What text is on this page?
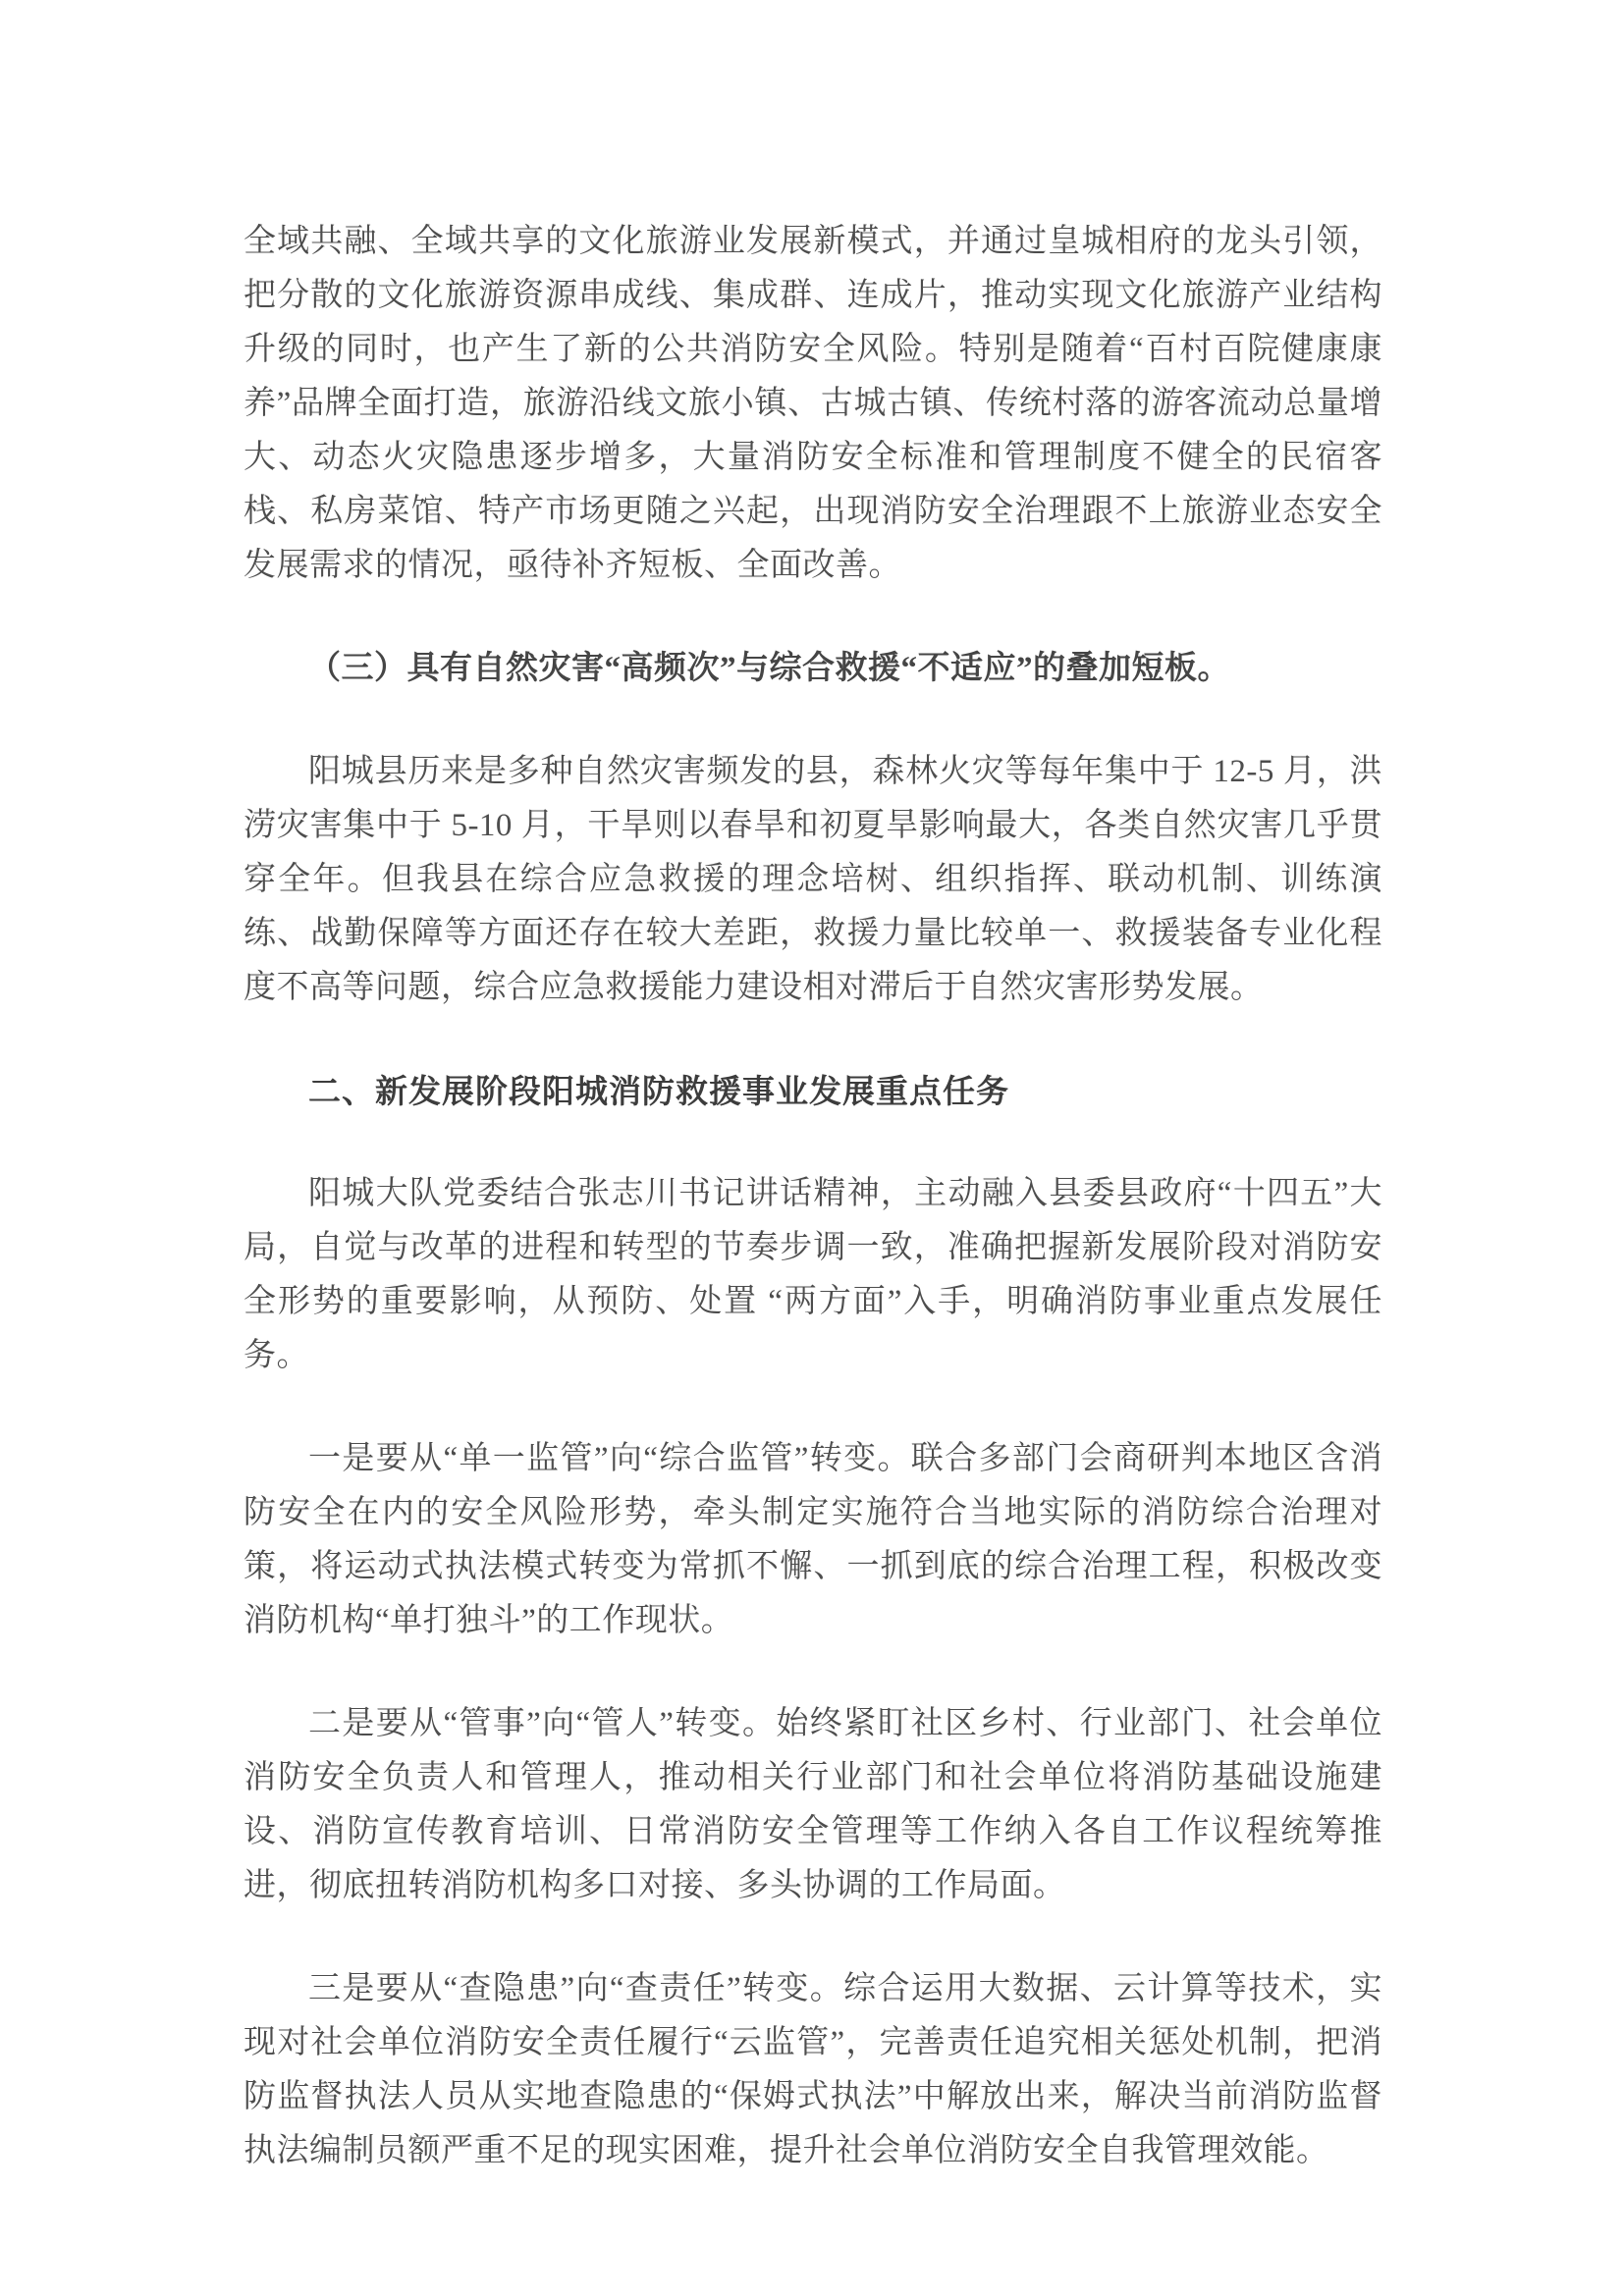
全域共融、全域共享的文化旅游业发展新模式，并通过皇城相府的龙头引领，把分散的文化旅游资源串成线、集成群、连成片，推动实现文化旅游产业结构升级的同时，也产生了新的公共消防安全风险。特别是随着“百村百院健康康养”品牌全面打造，旅游沿线文旅小镇、古城古镇、传统村落的游客流动总量增大、动态火灾隐患逐步增多，大量消防安全标准和管理制度不健全的民宿客栈、私房菜馆、特产市场更随之兴起，出现消防安全治理跟不上旅游业态安全发展需求的情况，亟待补齐短板、全面改善。

（三）具有自然灾害“高频次”与综合救援“不适应”的叠加短板。

阳城县历来是多种自然灾害频发的县，森林火灾等每年集中于 12-5 月，洪涝灾害集中于 5-10 月，干旱则以春旱和初夏旱影响最大，各类自然灾害几乎贯穿全年。但我县在综合应急救援的理念培树、组织指挥、联动机制、训练演练、战勤保障等方面还存在较大差距，救援力量比较单一、救援装备专业化程度不高等问题，综合应急救援能力建设相对滞后于自然灾害形势发展。

二、新发展阶段阳城消防救援事业发展重点任务

阳城大队党委结合张志川书记讲话精神，主动融入县委县政府“十四五”大局，自觉与改革的进程和转型的节奏步调一致，准确把握新发展阶段对消防安全形势的重要影响，从预防、处置 “两方面”入手，明确消防事业重点发展任务。

一是要从“单一监管”向“综合监管”转变。联合多部门会商研判本地区含消防安全在内的安全风险形势，牵头制定实施符合当地实际的消防综合治理对策，将运动式执法模式转变为常抓不懈、一抓到底的综合治理工程，积极改变消防机构“单打独斗”的工作现状。

二是要从“管事”向“管人”转变。始终紧盯社区乡村、行业部门、社会单位消防安全负责人和管理人，推动相关行业部门和社会单位将消防基础设施建设、消防宣传教育培训、日常消防安全管理等工作纳入各自工作议程统筹推进，彻底扭转消防机构多口对接、多头协调的工作局面。

三是要从“查隐患”向“查责任”转变。综合运用大数据、云计算等技术，实现对社会单位消防安全责任履行“云监管”，完善责任追究相关惩处机制，把消防监督执法人员从实地查隐患的“保姆式执法”中解放出来，解决当前消防监督执法编制员额严重不足的现实困难，提升社会单位消防安全自我管理效能。
